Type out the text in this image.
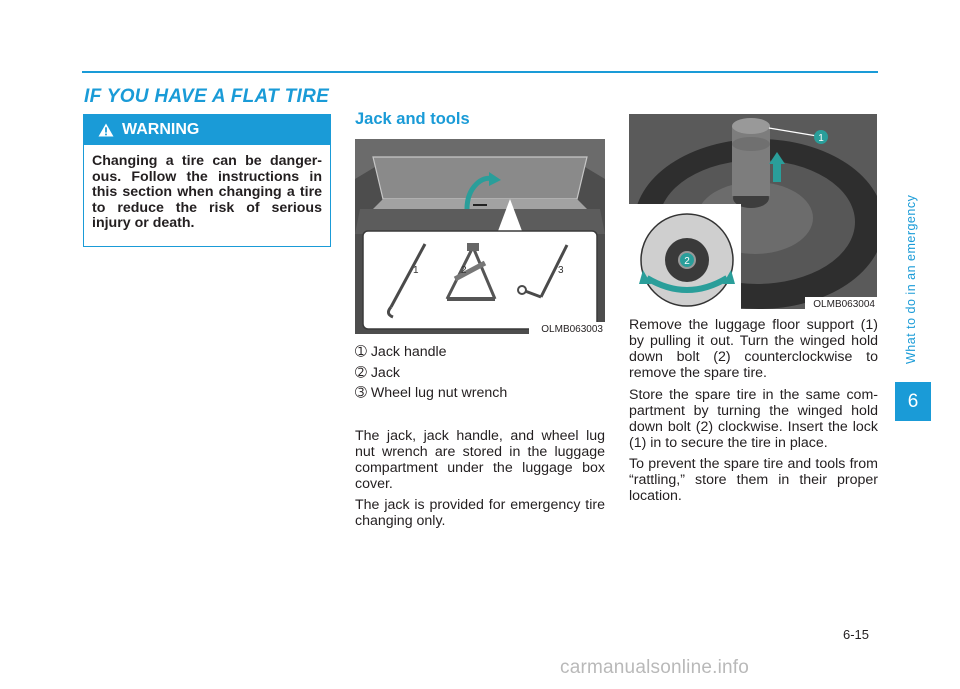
IF YOU HAVE A FLAT TIRE
WARNING
Changing a tire can be danger-ous. Follow the instructions in this section when changing a tire to reduce the risk of serious injury or death.
Jack and tools
1	2	3
OLMB063003
1
2
OLMB063004
➀ Jack handle
➁ Jack
➂ Wheel lug nut wrench

The jack, jack handle, and wheel lug nut wrench are stored in the luggage compartment under the luggage box cover.

The jack is provided for emergency tire changing only.

Remove the luggage floor support (1) by pulling it out. Turn the winged hold down bolt (2) counterclockwise to remove the spare tire.

Store the spare tire in the same com-partment by turning the winged hold down bolt (2) clockwise. Insert the lock (1) in to secure the tire in place.

To prevent the spare tire and tools from “rattling,” store them in their proper location.

What to do in an emergency
6
6-15
carmanualsonline.info
